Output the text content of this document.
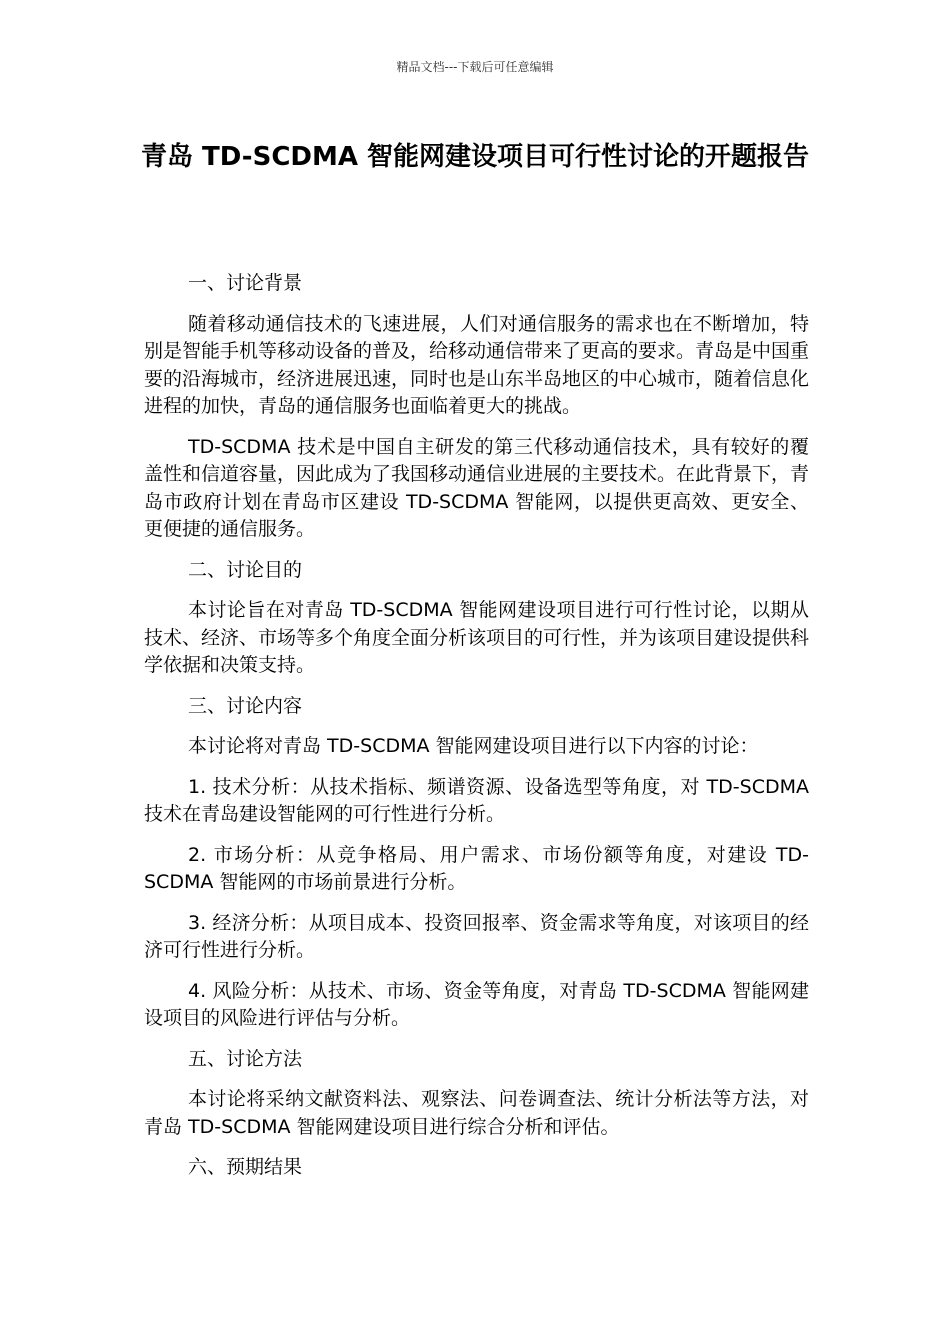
精品文档---下载后可任意编辑
青岛 TD-SCDMA 智能网建设项目可行性讨论的开题报告

一、讨论背景

随着移动通信技术的飞速进展，人们对通信服务的需求也在不断增加，特别是智能手机等移动设备的普及，给移动通信带来了更高的要求。青岛是中国重要的沿海城市，经济进展迅速，同时也是山东半岛地区的中心城市，随着信息化进程的加快，青岛的通信服务也面临着更大的挑战。

TD-SCDMA 技术是中国自主研发的第三代移动通信技术，具有较好的覆盖性和信道容量，因此成为了我国移动通信业进展的主要技术。在此背景下，青岛市政府计划在青岛市区建设 TD-SCDMA 智能网，以提供更高效、更安全、更便捷的通信服务。

二、讨论目的

本讨论旨在对青岛 TD-SCDMA 智能网建设项目进行可行性讨论，以期从技术、经济、市场等多个角度全面分析该项目的可行性，并为该项目建设提供科学依据和决策支持。

三、讨论内容

本讨论将对青岛 TD-SCDMA 智能网建设项目进行以下内容的讨论：

1. 技术分析：从技术指标、频谱资源、设备选型等角度，对 TD-SCDMA 技术在青岛建设智能网的可行性进行分析。

2. 市场分析：从竞争格局、用户需求、市场份额等角度，对建设 TD-SCDMA 智能网的市场前景进行分析。

3. 经济分析：从项目成本、投资回报率、资金需求等角度，对该项目的经济可行性进行分析。

4. 风险分析：从技术、市场、资金等角度，对青岛 TD-SCDMA 智能网建设项目的风险进行评估与分析。

五、讨论方法

本讨论将采纳文献资料法、观察法、问卷调查法、统计分析法等方法，对青岛 TD-SCDMA 智能网建设项目进行综合分析和评估。

六、预期结果
